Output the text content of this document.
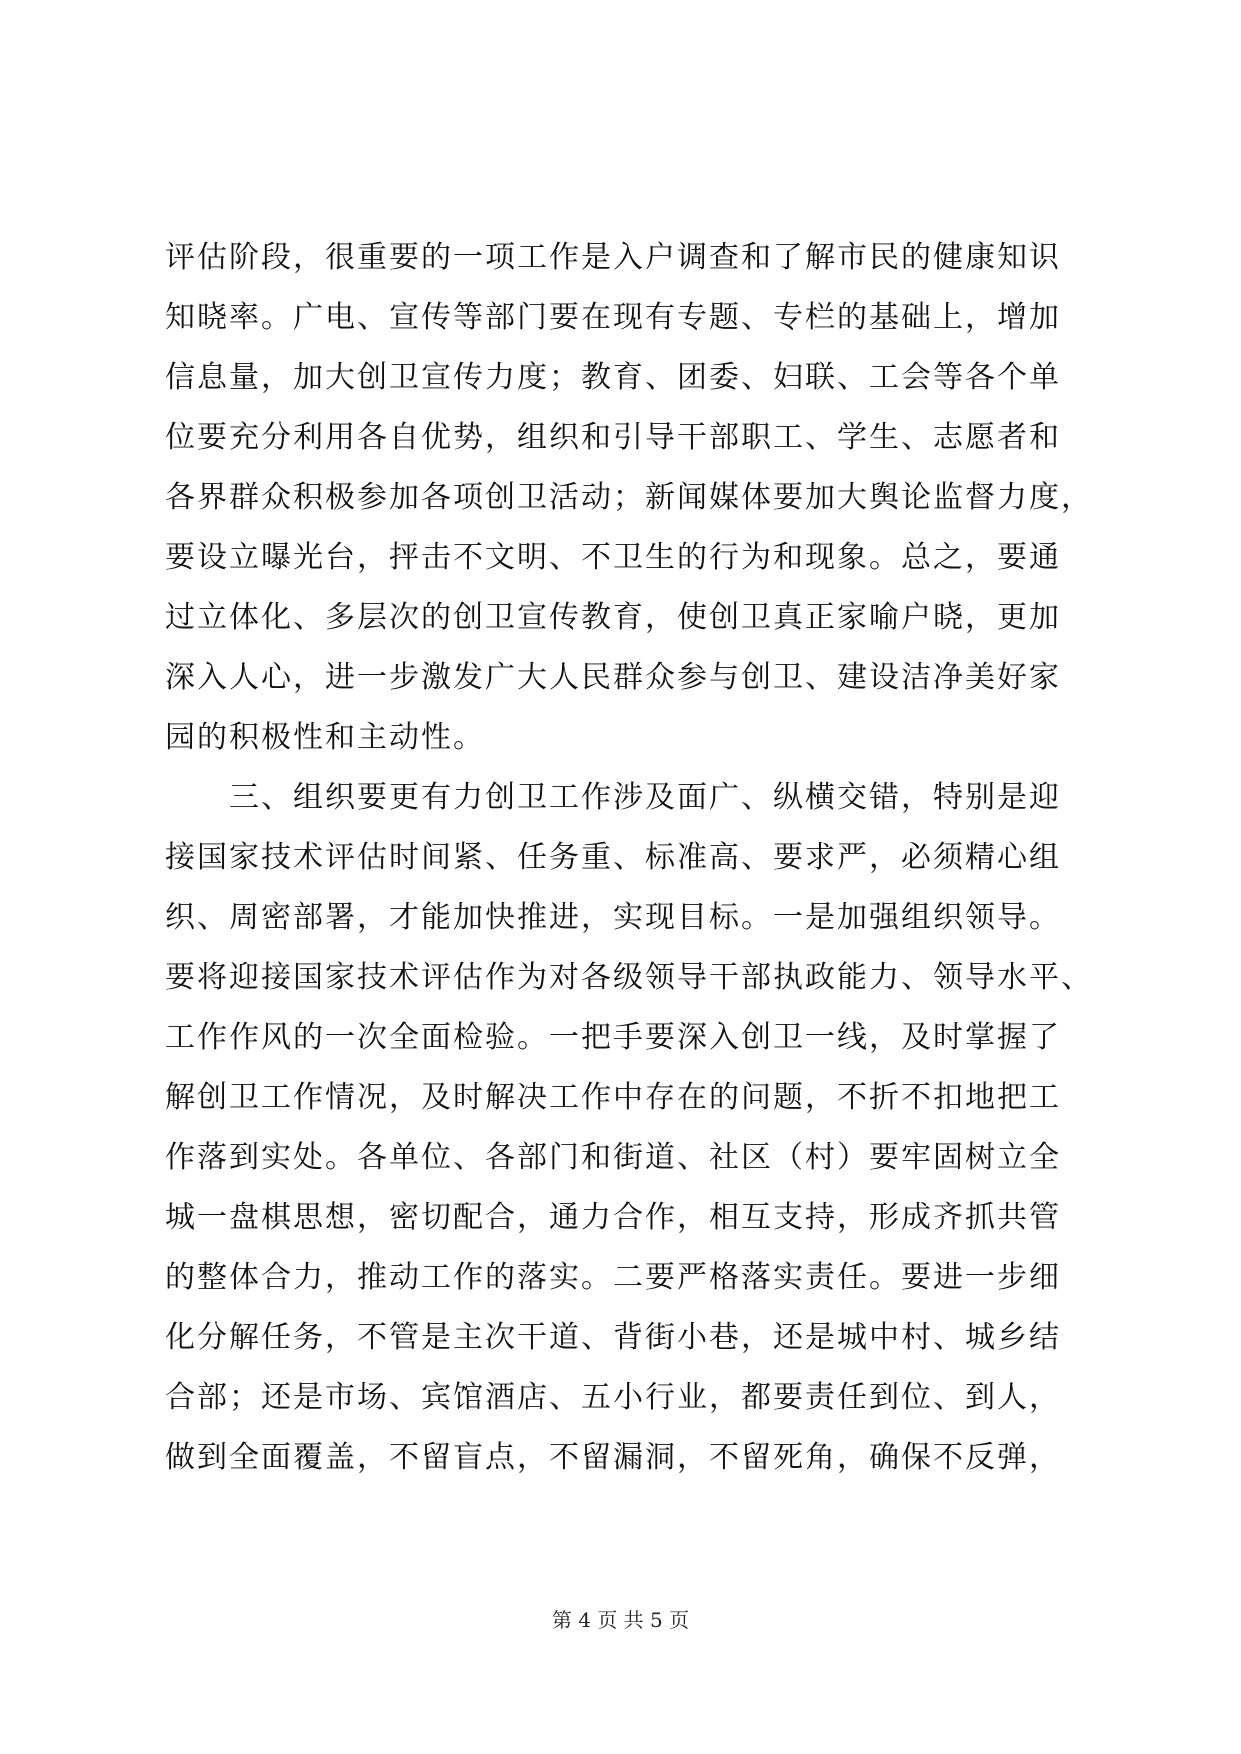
评估阶段，很重要的一项工作是入户调查和了解市民的健康知识
知晓率。广电、宣传等部门要在现有专题、专栏的基础上，增加
信息量，加大创卫宣传力度；教育、团委、妇联、工会等各个单
位要充分利用各自优势，组织和引导干部职工、学生、志愿者和
各界群众积极参加各项创卫活动；新闻媒体要加大舆论监督力度，
要设立曝光台，抨击不文明、不卫生的行为和现象。总之，要通
过立体化、多层次的创卫宣传教育，使创卫真正家喻户晓，更加
深入人心，进一步激发广大人民群众参与创卫、建设洁净美好家
园的积极性和主动性。
　　三、组织要更有力创卫工作涉及面广、纵横交错，特别是迎
接国家技术评估时间紧、任务重、标准高、要求严，必须精心组
织、周密部署，才能加快推进，实现目标。一是加强组织领导。
要将迎接国家技术评估作为对各级领导干部执政能力、领导水平、
工作作风的一次全面检验。一把手要深入创卫一线，及时掌握了
解创卫工作情况，及时解决工作中存在的问题，不折不扣地把工
作落到实处。各单位、各部门和街道、社区（村）要牢固树立全
城一盘棋思想，密切配合，通力合作，相互支持，形成齐抓共管
的整体合力，推动工作的落实。二要严格落实责任。要进一步细
化分解任务，不管是主次干道、背街小巷，还是城中村、城乡结
合部；还是市场、宾馆酒店、五小行业，都要责任到位、到人，
做到全面覆盖，不留盲点，不留漏洞，不留死角，确保不反弹，
第 4 页 共 5 页
